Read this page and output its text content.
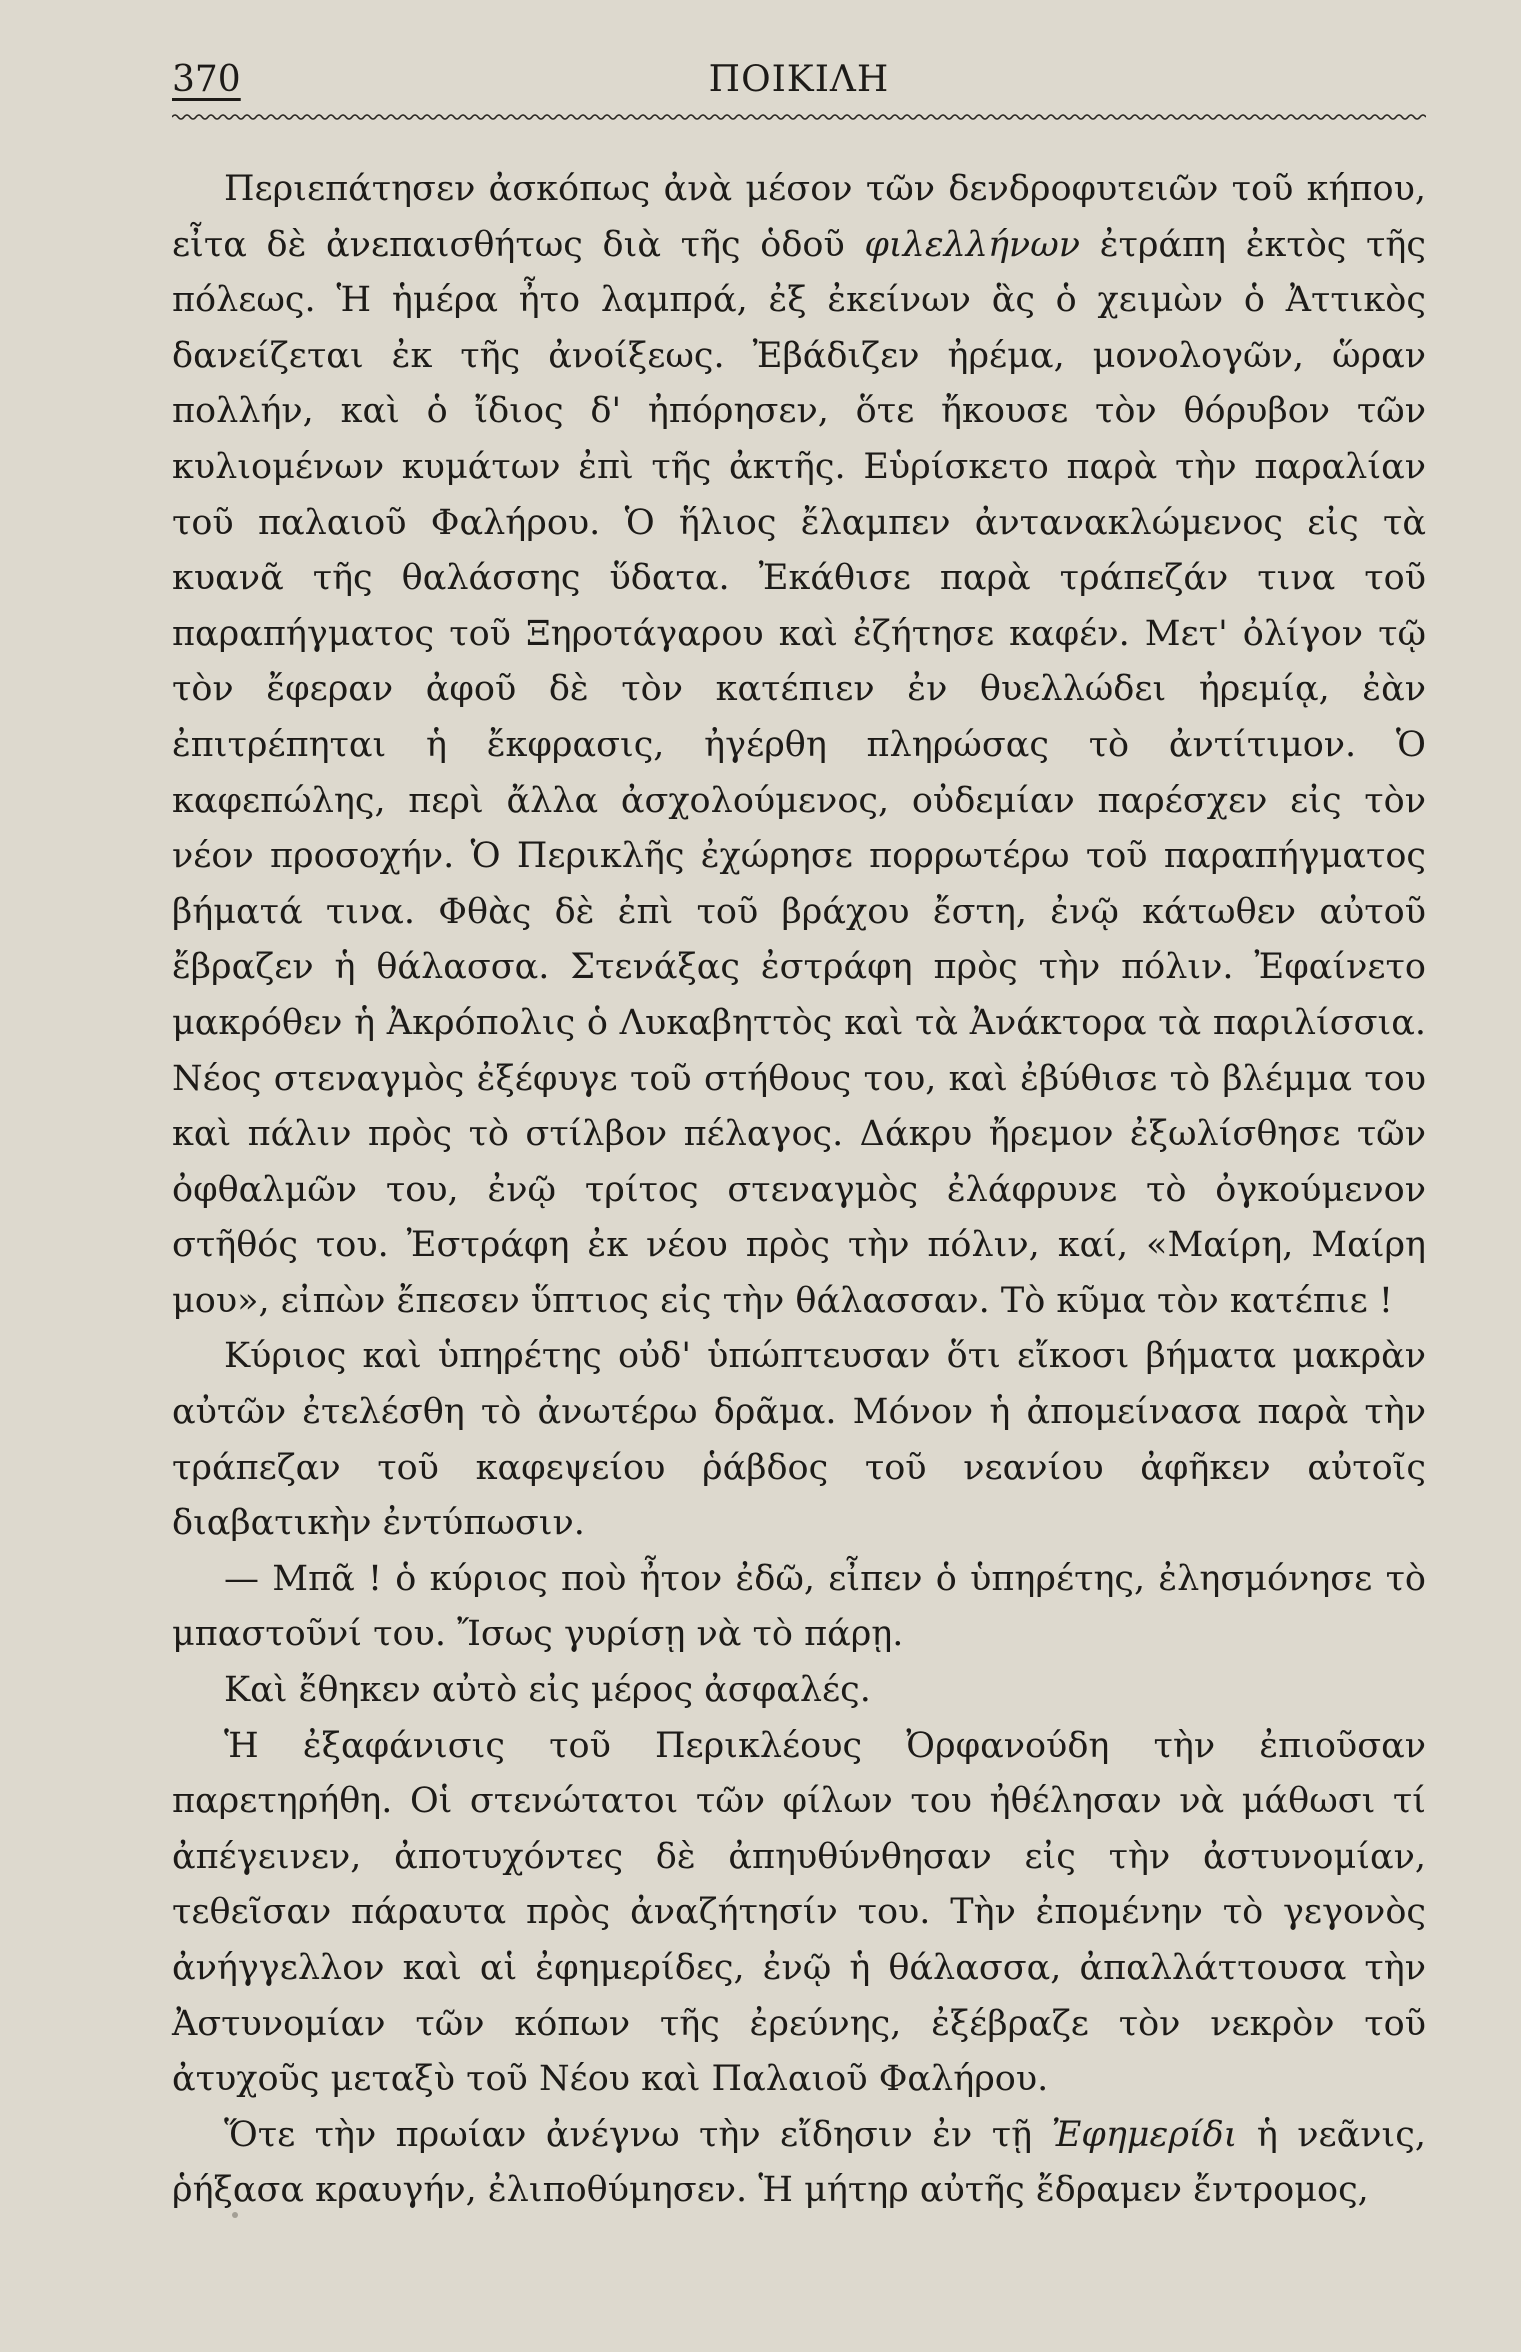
370	ΠΟΙΚΙΛΗ

Περιεπάτησεν ἀσκόπως ἀνὰ μέσον τῶν δενδροφυτειῶν τοῦ κήπου, εἶτα δὲ ἀνεπαισθήτως διὰ τῆς ὁδοῦ φιλελλήνων ἐτράπη ἐκτὸς τῆς πόλεως. Ἡ ἡμέρα ἦτο λαμπρά, ἐξ ἐκείνων ἃς ὁ χειμὼν ὁ Ἀττικὸς δανείζεται ἐκ τῆς ἀνοίξεως. Ἐβάδιζεν ἠρέμα, μονολογῶν, ὥραν πολλήν, καὶ ὁ ἴδιος δ' ἠπόρησεν, ὅτε ἤκουσε τὸν θόρυβον τῶν κυλιομένων κυμάτων ἐπὶ τῆς ἀκτῆς. Εὑρίσκετο παρὰ τὴν παραλίαν τοῦ παλαιοῦ Φαλήρου. Ὁ ἥλιος ἔλαμπεν ἀντανακλώμενος εἰς τὰ κυανᾶ τῆς θαλάσσης ὕδατα. Ἐκάθισε παρὰ τράπεζάν τινα τοῦ παραπήγματος τοῦ Ξηροτάγαρου καὶ ἐζήτησε καφέν. Μετ' ὀλίγον τῷ τὸν ἔφεραν ἀφοῦ δὲ τὸν κατέπιεν ἐν θυελλώδει ἠρεμίᾳ, ἐὰν ἐπιτρέπηται ἡ ἔκφρασις, ἠγέρθη πληρώσας τὸ ἀντίτιμον. Ὁ καφεπώλης, περὶ ἄλλα ἀσχολούμενος, οὐδεμίαν παρέσχεν εἰς τὸν νέον προσοχήν. Ὁ Περικλῆς ἐχώρησε πορρωτέρω τοῦ παραπήγματος βήματά τινα. Φθὰς δὲ ἐπὶ τοῦ βράχου ἔστη, ἐνῷ κάτωθεν αὐτοῦ ἔβραζεν ἡ θάλασσα. Στενάξας ἐστράφη πρὸς τὴν πόλιν. Ἐφαίνετο μακρόθεν ἡ Ἀκρόπολις ὁ Λυκαβηττὸς καὶ τὰ Ἀνάκτορα τὰ παριλίσσια. Νέος στεναγμὸς ἐξέφυγε τοῦ στήθους του, καὶ ἐβύθισε τὸ βλέμμα του καὶ πάλιν πρὸς τὸ στίλβον πέλαγος. Δάκρυ ἤρεμον ἐξωλίσθησε τῶν ὀφθαλμῶν του, ἐνῷ τρίτος στεναγμὸς ἐλάφρυνε τὸ ὀγκούμενον στῆθός του. Ἐστράφη ἐκ νέου πρὸς τὴν πόλιν, καί, «Μαίρη, Μαίρη μου», εἰπὼν ἔπεσεν ὕπτιος εἰς τὴν θάλασσαν. Τὸ κῦμα τὸν κατέπιε !

Κύριος καὶ ὑπηρέτης οὐδ' ὑπώπτευσαν ὅτι εἴκοσι βήματα μακρὰν αὐτῶν ἐτελέσθη τὸ ἀνωτέρω δρᾶμα. Μόνον ἡ ἀπομείνασα παρὰ τὴν τράπεζαν τοῦ καφεψείου ῥάβδος τοῦ νεανίου ἀφῆκεν αὐτοῖς διαβατικὴν ἐντύπωσιν.

— Μπᾶ ! ὁ κύριος ποὺ ἦτον ἐδῶ, εἶπεν ὁ ὑπηρέτης, ἐλησμόνησε τὸ μπαστοῦνί του. Ἴσως γυρίσῃ νὰ τὸ πάρῃ.

Καὶ ἔθηκεν αὐτὸ εἰς μέρος ἀσφαλές.

Ἡ ἐξαφάνισις τοῦ Περικλέους Ὀρφανούδη τὴν ἐπιοῦσαν παρετηρήθη. Οἱ στενώτατοι τῶν φίλων του ἠθέλησαν νὰ μάθωσι τί ἀπέγεινεν, ἀποτυχόντες δὲ ἀπηυθύνθησαν εἰς τὴν ἀστυνομίαν, τεθεῖσαν πάραυτα πρὸς ἀναζήτησίν του. Τὴν ἐπομένην τὸ γεγονὸς ἀνήγγελλον καὶ αἱ ἐφημερίδες, ἐνῷ ἡ θάλασσα, ἀπαλλάττουσα τὴν Ἀστυνομίαν τῶν κόπων τῆς ἐρεύνης, ἐξέβραζε τὸν νεκρὸν τοῦ ἀτυχοῦς μεταξὺ τοῦ Νέου καὶ Παλαιοῦ Φαλήρου.

Ὅτε τὴν πρωίαν ἀνέγνω τὴν εἴδησιν ἐν τῇ Ἐφημερίδι ἡ νεᾶνις, ῥήξασα κραυγήν, ἐλιποθύμησεν. Ἡ μήτηρ αὐτῆς ἔδραμεν ἔντρομος,
